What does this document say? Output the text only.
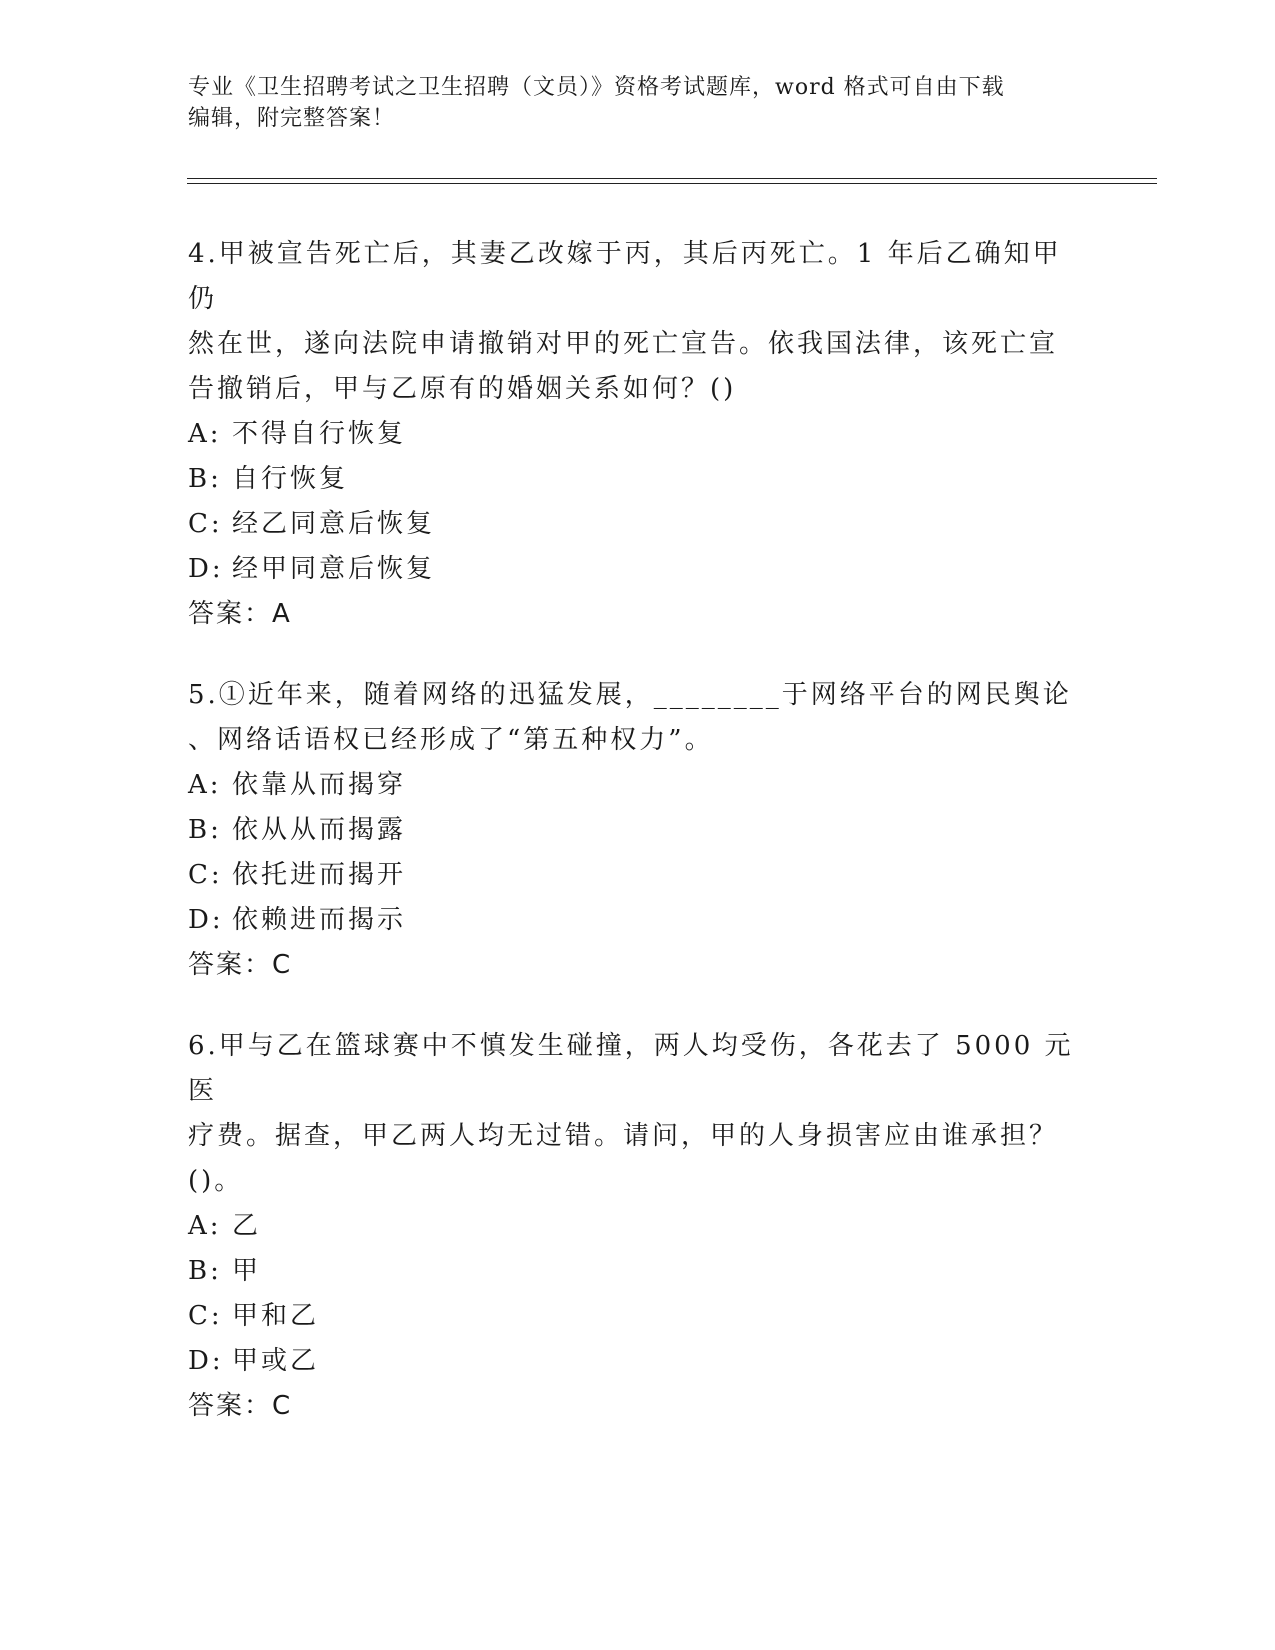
专业《卫生招聘考试之卫生招聘（文员）》资格考试题库，word 格式可自由下载
编辑，附完整答案！
4.甲被宣告死亡后，其妻乙改嫁于丙，其后丙死亡。1 年后乙确知甲仍
然在世，遂向法院申请撤销对甲的死亡宣告。依我国法律，该死亡宣
告撤销后，甲与乙原有的婚姻关系如何？()
A: 不得自行恢复
B: 自行恢复
C: 经乙同意后恢复
D: 经甲同意后恢复
答案：A
5.①近年来，随着网络的迅猛发展，________于网络平台的网民舆论
、网络话语权已经形成了“第五种权力”。
A: 依靠从而揭穿
B: 依从从而揭露
C: 依托进而揭开
D: 依赖进而揭示
答案：C
6.甲与乙在篮球赛中不慎发生碰撞，两人均受伤，各花去了 5000 元医
疗费。据查，甲乙两人均无过错。请问，甲的人身损害应由谁承担？
()。
A: 乙
B: 甲
C: 甲和乙
D: 甲或乙
答案：C
